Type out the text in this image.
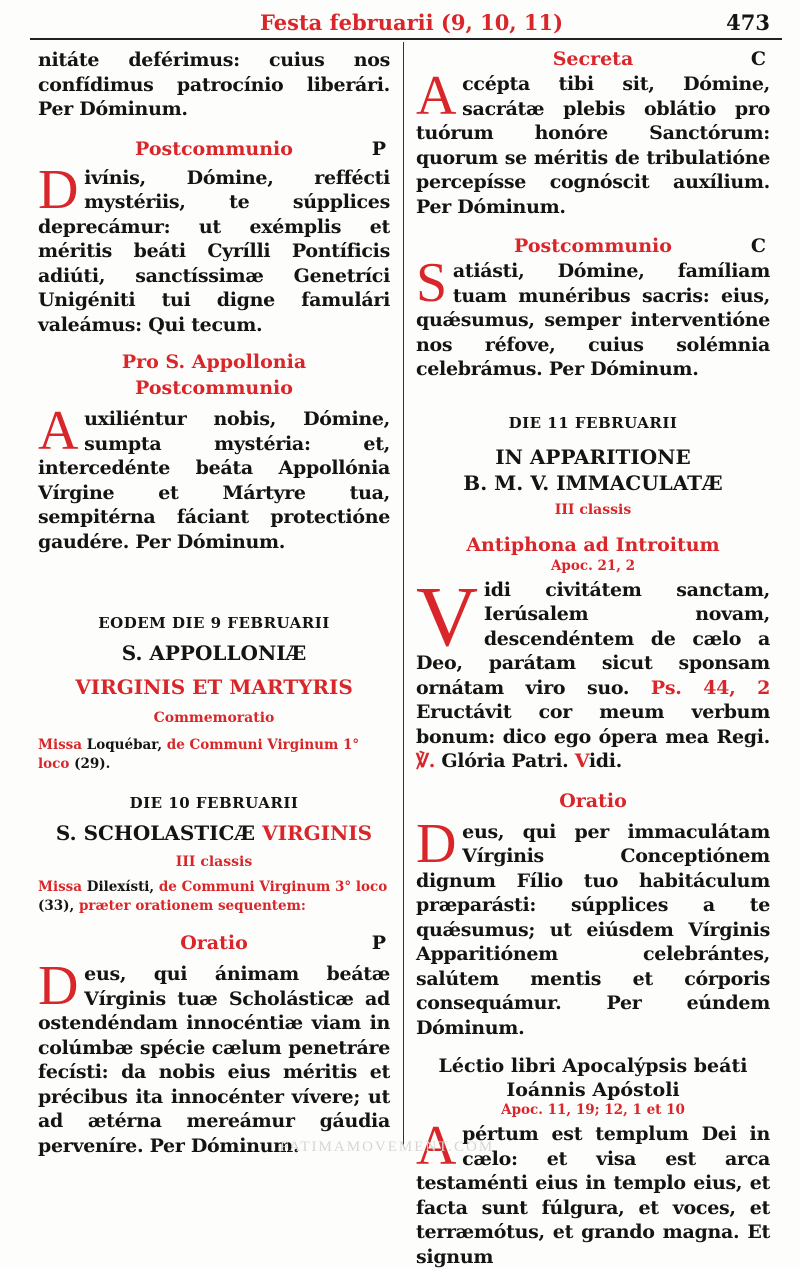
Festa februarii (9, 10, 11)	473

nitáte deférimus: cuius nos confídimus patrocínio liberári. Per Dóminum.

Postcommunio	P

Divínis, Dómine, reffécti mystériis, te súpplices deprecámur: ut exémplis et méritis beáti Cyrílli Pontíficis adiúti, sanctíssimæ Genetríci Unigéniti tui digne famulári valeámus: Qui tecum.

Pro S. Appollonia
Postcommunio

Auxiliéntur nobis, Dómine, sumpta mystéria: et, intercedénte beáta Appollónia Vírgine et Mártyre tua, sempitérna fáciant protectióne gaudére. Per Dóminum.

EODEM DIE 9 FEBRUARII
S. APPOLLONIÆ
VIRGINIS ET MARTYRIS
Commemoratio
Missa Loquébar, de Communi Virginum 1° loco (29).
DIE 10 FEBRUARII
S. SCHOLASTICÆ VIRGINIS
III classis
Missa Dilexísti, de Communi Virginum 3° loco (33), præter orationem sequentem:
Oratio	P

Deus, qui ánimam beátæ Vírginis tuæ Scholásticæ ad ostendéndam innocéntiæ viam in colúmbæ spécie cælum penetráre fecísti: da nobis eius méritis et précibus ita innocénter vívere; ut ad ætérna mereámur gáudia perveníre. Per Dóminum.

Secreta	C

Accépta tibi sit, Dómine, sacrátæ plebis oblátio pro tuórum honóre Sanctórum: quorum se méritis de tribulatióne percepísse cognóscit auxílium. Per Dóminum.

Postcommunio	C

Satiásti, Dómine, famíliam tuam munéribus sacris: eius, quǽsumus, semper interventióne nos réfove, cuius solémnia celebrámus. Per Dóminum.

DIE 11 FEBRUARII
IN APPARITIONE
B. M. V. IMMACULATÆ
III classis
Antiphona ad Introitum
Apoc. 21, 2

Vidi civitátem sanctam, Ierúsalem novam, descendéntem de cælo a Deo, parátam sicut sponsam ornátam viro suo. Ps. 44, 2 Eructávit cor meum verbum bonum: dico ego ópera mea Regi. ℣. Glória Patri. Vidi.

Oratio

Deus, qui per immaculátam Vírginis Conceptiónem dignum Fílio tuo habitáculum præparásti: súpplices a te quǽsumus; ut eiúsdem Vírginis Apparitiónem celebrántes, salútem mentis et córporis consequámur. Per eúndem Dóminum.

Léctio libri Apocalýpsis beáti
Ioánnis Apóstoli
Apoc. 11, 19; 12, 1 et 10

Apértum est templum Dei in cælo: et visa est arca testaménti eius in templo eius, et facta sunt fúlgura, et voces, et terræmótus, et grando magna. Et signum

FATIMAMOVEMENT.COM
